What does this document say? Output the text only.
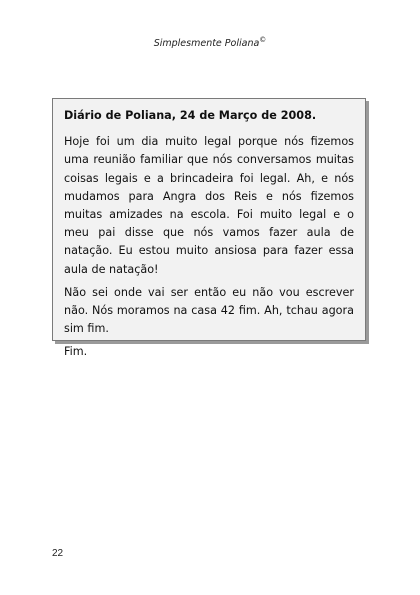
Simplesmente Poliana©

Diário de Poliana, 24 de Março de 2008.

Hoje foi um dia muito legal porque nós fizemos uma reunião familiar que nós conversamos muitas coisas legais e a brincadeira foi legal. Ah, e nós mudamos para Angra dos Reis e nós fizemos muitas amizades na escola. Foi muito legal e o meu pai disse que nós vamos fazer aula de natação. Eu estou muito ansiosa para fazer essa aula de natação!

Não sei onde vai ser então eu não vou escrever não. Nós moramos na casa 42 fim. Ah, tchau agora sim fim.

Fim.

22
